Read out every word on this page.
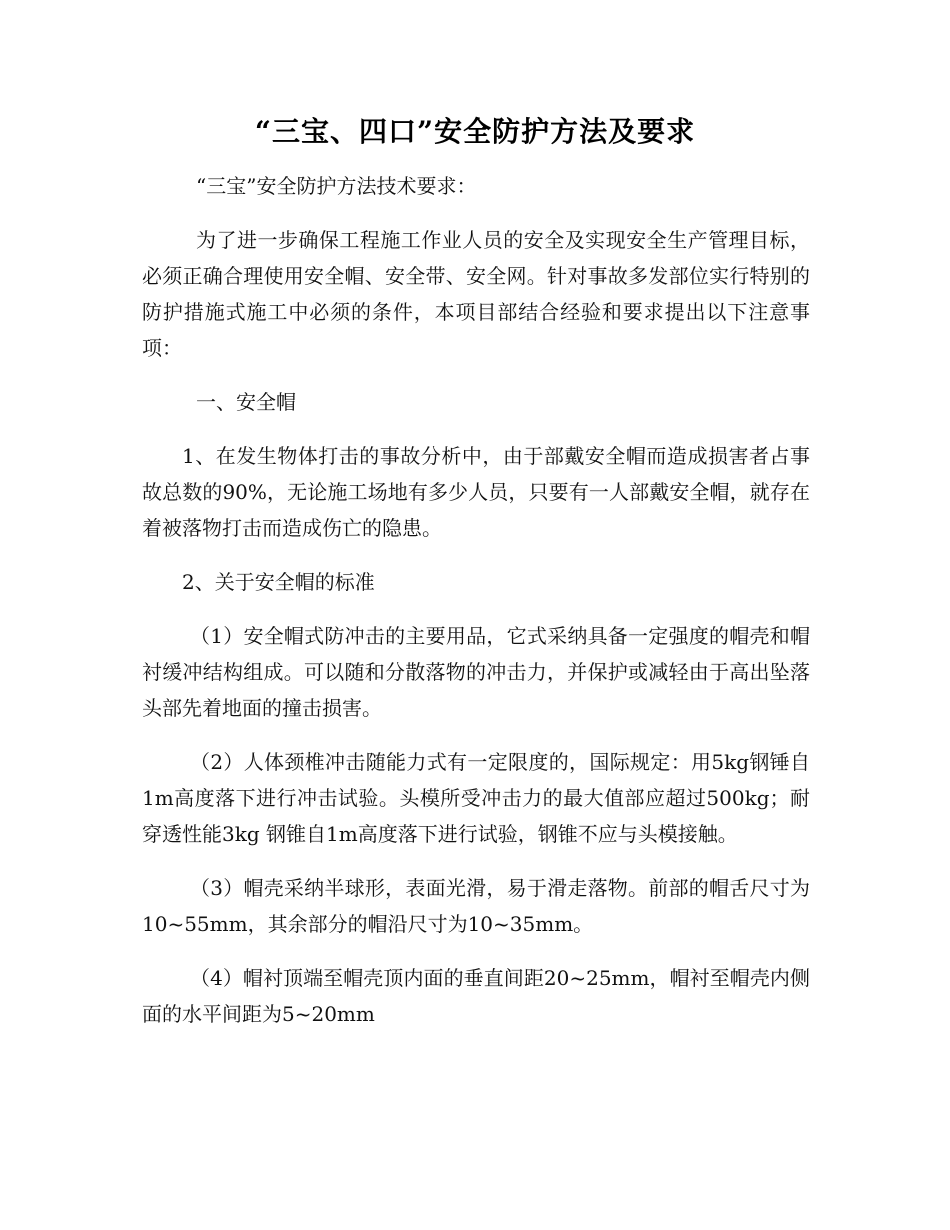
“三宝、四口”安全防护方法及要求

“三宝”安全防护方法技术要求：

为了进一步确保工程施工作业人员的安全及实现安全生产管理目标，必须正确合理使用安全帽、安全带、安全网。针对事故多发部位实行特别的防护措施式施工中必须的条件，本项目部结合经验和要求提出以下注意事项：

一、安全帽

1、在发生物体打击的事故分析中，由于部戴安全帽而造成损害者占事故总数的90%，无论施工场地有多少人员，只要有一人部戴安全帽，就存在着被落物打击而造成伤亡的隐患。

2、关于安全帽的标准

（1）安全帽式防冲击的主要用品，它式采纳具备一定强度的帽壳和帽衬缓冲结构组成。可以随和分散落物的冲击力，并保护或减轻由于高出坠落头部先着地面的撞击损害。

（2）人体颈椎冲击随能力式有一定限度的，国际规定：用5kg钢锤自1m高度落下进行冲击试验。头模所受冲击力的最大值部应超过500kg；耐穿透性能3kg 钢锥自1m高度落下进行试验，钢锥不应与头模接触。

（3）帽壳采纳半球形，表面光滑，易于滑走落物。前部的帽舌尺寸为10~55mm，其余部分的帽沿尺寸为10~35mm。

（4）帽衬顶端至帽壳顶内面的垂直间距20~25mm，帽衬至帽壳内侧面的水平间距为5~20mm
